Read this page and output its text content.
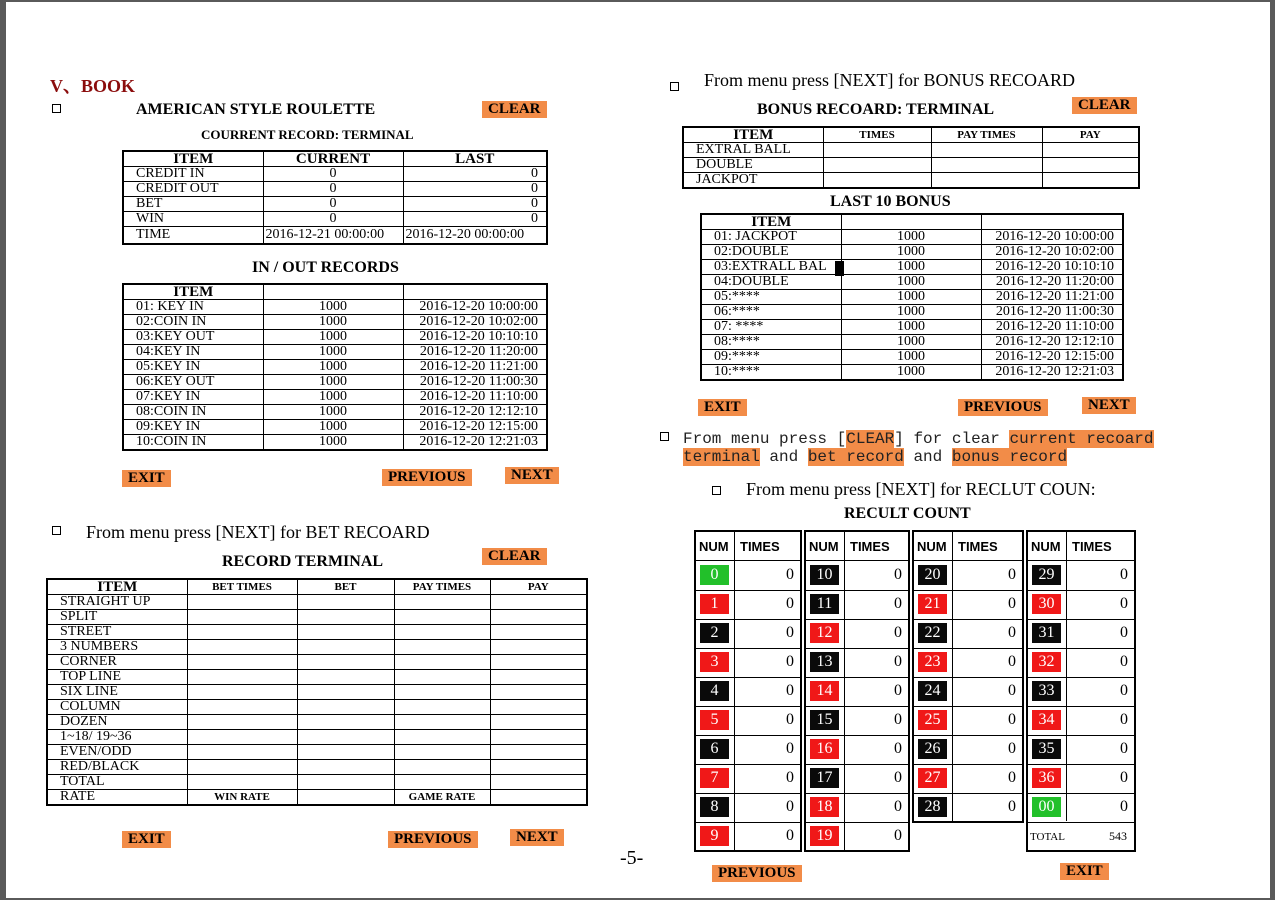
V、BOOK
AMERICAN STYLE ROULETTE	CLEAR
COURRENT RECORD: TERMINAL
ITEM	CURRENT	LAST
CREDIT IN	0	0
CREDIT OUT	0	0
BET	0	0
WIN	0	0
TIME	2016-12-21 00:00:00	2016-12-20 00:00:00
IN / OUT RECORDS
ITEM		
01: KEY IN	1000	2016-12-20 10:00:00
02:COIN IN	1000	2016-12-20 10:02:00
03:KEY OUT	1000	2016-12-20 10:10:10
04:KEY IN	1000	2016-12-20 11:20:00
05:KEY IN	1000	2016-12-20 11:21:00
06:KEY OUT	1000	2016-12-20 11:00:30
07:KEY IN	1000	2016-12-20 11:10:00
08:COIN IN	1000	2016-12-20 12:12:10
09:KEY IN	1000	2016-12-20 12:15:00
10:COIN IN	1000	2016-12-20 12:21:03
EXIT	PREVIOUS	NEXT
From menu press [NEXT] for BET RECOARD
RECORD TERMINAL	CLEAR
ITEM	BET TIMES	BET	PAY TIMES	PAY
STRAIGHT UP				
SPLIT				
STREET				
3 NUMBERS				
CORNER				
TOP LINE				
SIX LINE				
COLUMN				
DOZEN				
1~18/ 19~36				
EVEN/ODD				
RED/BLACK				
TOTAL				
RATE	WIN RATE		GAME RATE	
EXIT	PREVIOUS	NEXT
-5-
From menu press [NEXT] for BONUS RECOARD
BONUS RECOARD: TERMINAL	CLEAR
ITEM	TIMES	PAY TIMES	PAY
EXTRAL BALL			
DOUBLE			
JACKPOT			
LAST 10 BONUS
ITEM		
01: JACKPOT	1000	2016-12-20 10:00:00
02:DOUBLE	1000	2016-12-20 10:02:00
03:EXTRALL BAL	1000	2016-12-20 10:10:10
04:DOUBLE	1000	2016-12-20 11:20:00
05:****	1000	2016-12-20 11:21:00
06:****	1000	2016-12-20 11:00:30
07: ****	1000	2016-12-20 11:10:00
08:****	1000	2016-12-20 12:12:10
09:****	1000	2016-12-20 12:15:00
10:****	1000	2016-12-20 12:21:03
EXIT	PREVIOUS	NEXT
From menu press [CLEAR] for clear current recoard
terminal and bet record and bonus record
From menu press [NEXT] for RECLUT COUN:
RECULT COUNT
NUM TIMES
0	0
1	0
2	0
3	0
4	0
5	0
6	0
7	0
8	0
9	0
NUM TIMES
10	0
11	0
12	0
13	0
14	0
15	0
16	0
17	0
18	0
19	0
NUM TIMES
20	0
21	0
22	0
23	0
24	0
25	0
26	0
27	0
28	0
NUM TIMES
29	0
30	0
31	0
32	0
33	0
34	0
35	0
36	0
00	0
TOTAL	543
PREVIOUS	EXIT
